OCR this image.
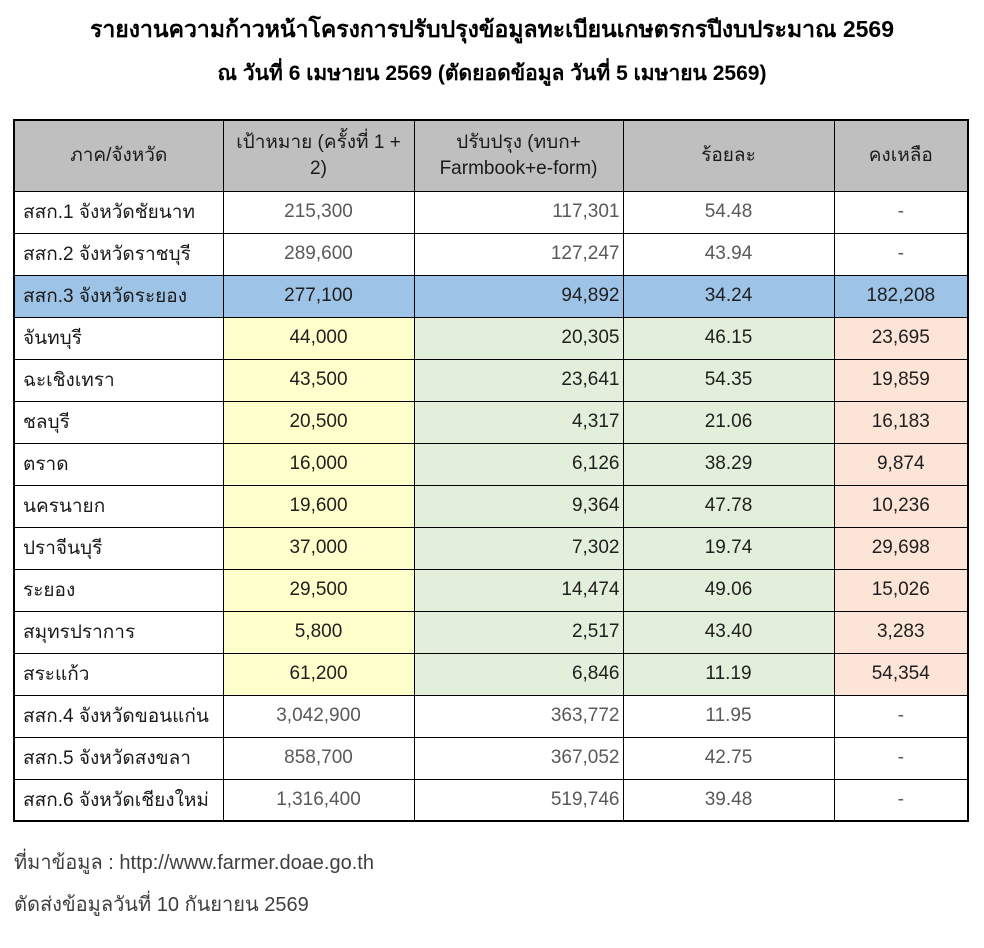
รายงานความก้าวหน้าโครงการปรับปรุงข้อมูลทะเบียนเกษตรกรปีงบประมาณ 2569
ณ วันที่ 6 เมษายน 2569 (ตัดยอดข้อมูล วันที่ 5 เมษายน 2569)
ภาค/จังหวัด	เป้าหมาย (ครั้งที่ 1 + 2)	ปรับปรุง (ทบก+
Farmbook+e-form)	ร้อยละ	คงเหลือ

สสก.1 จังหวัดชัยนาท	215,300	117,301	54.48	-
สสก.2 จังหวัดราชบุรี	289,600	127,247	43.94	-
สสก.3 จังหวัดระยอง	277,100	94,892	34.24	182,208
จันทบุรี	44,000	20,305	46.15	23,695
ฉะเชิงเทรา	43,500	23,641	54.35	19,859
ชลบุรี	20,500	4,317	21.06	16,183
ตราด	16,000	6,126	38.29	9,874
นครนายก	19,600	9,364	47.78	10,236
ปราจีนบุรี	37,000	7,302	19.74	29,698
ระยอง	29,500	14,474	49.06	15,026
สมุทรปราการ	5,800	2,517	43.40	3,283
สระแก้ว	61,200	6,846	11.19	54,354
สสก.4 จังหวัดขอนแก่น	3,042,900	363,772	11.95	-
สสก.5 จังหวัดสงขลา	858,700	367,052	42.75	-
สสก.6 จังหวัดเชียงใหม่	1,316,400	519,746	39.48	-
ที่มาข้อมูล : http://www.farmer.doae.go.th
ตัดส่งข้อมูลวันที่ 10 กันยายน 2569
